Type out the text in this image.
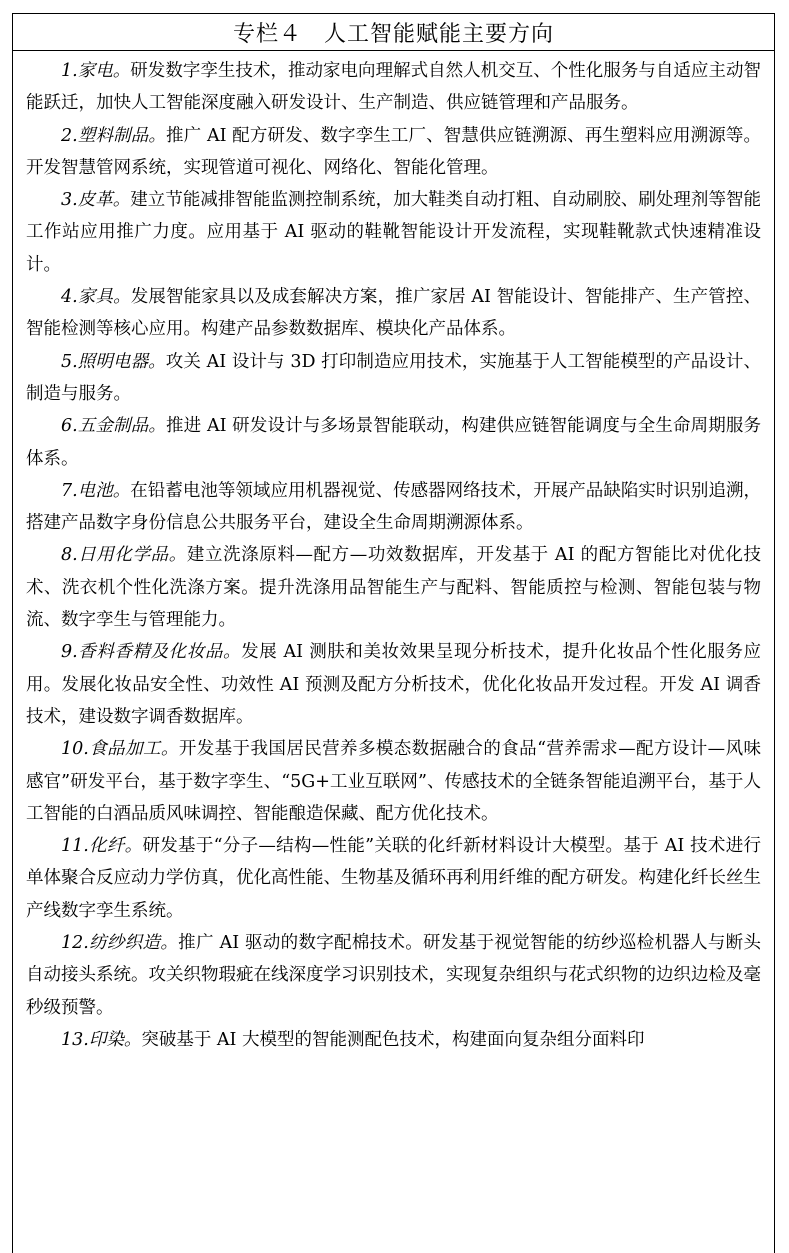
专栏４ 人工智能赋能主要方向

1.家电。研发数字孪生技术，推动家电向理解式自然人机交互、个性化服务与自适应主动智能跃迁，加快人工智能深度融入研发设计、生产制造、供应链管理和产品服务。

2.塑料制品。推广 AI 配方研发、数字孪生工厂、智慧供应链溯源、再生塑料应用溯源等。开发智慧管网系统，实现管道可视化、网络化、智能化管理。

3.皮革。建立节能减排智能监测控制系统，加大鞋类自动打粗、自动刷胶、刷处理剂等智能工作站应用推广力度。应用基于 AI 驱动的鞋靴智能设计开发流程，实现鞋靴款式快速精准设计。

4.家具。发展智能家具以及成套解决方案，推广家居 AI 智能设计、智能排产、生产管控、智能检测等核心应用。构建产品参数数据库、模块化产品体系。

5.照明电器。攻关 AI 设计与 3D 打印制造应用技术，实施基于人工智能模型的产品设计、制造与服务。

6.五金制品。推进 AI 研发设计与多场景智能联动，构建供应链智能调度与全生命周期服务体系。

7.电池。在铅蓄电池等领域应用机器视觉、传感器网络技术，开展产品缺陷实时识别追溯，搭建产品数字身份信息公共服务平台，建设全生命周期溯源体系。

8.日用化学品。建立洗涤原料—配方—功效数据库，开发基于 AI 的配方智能比对优化技术、洗衣机个性化洗涤方案。提升洗涤用品智能生产与配料、智能质控与检测、智能包装与物流、数字孪生与管理能力。

9.香料香精及化妆品。发展 AI 测肤和美妆效果呈现分析技术，提升化妆品个性化服务应用。发展化妆品安全性、功效性 AI 预测及配方分析技术，优化化妆品开发过程。开发 AI 调香技术，建设数字调香数据库。

10.食品加工。开发基于我国居民营养多模态数据融合的食品“营养需求—配方设计—风味感官”研发平台，基于数字孪生、“5G+工业互联网”、传感技术的全链条智能追溯平台，基于人工智能的白酒品质风味调控、智能酿造保藏、配方优化技术。

11.化纤。研发基于“分子—结构—性能”关联的化纤新材料设计大模型。基于 AI 技术进行单体聚合反应动力学仿真，优化高性能、生物基及循环再利用纤维的配方研发。构建化纤长丝生产线数字孪生系统。

12.纺纱织造。推广 AI 驱动的数字配棉技术。研发基于视觉智能的纺纱巡检机器人与断头自动接头系统。攻关织物瑕疵在线深度学习识别技术，实现复杂组织与花式织物的边织边检及毫秒级预警。

13.印染。突破基于 AI 大模型的智能测配色技术，构建面向复杂组分面料印
